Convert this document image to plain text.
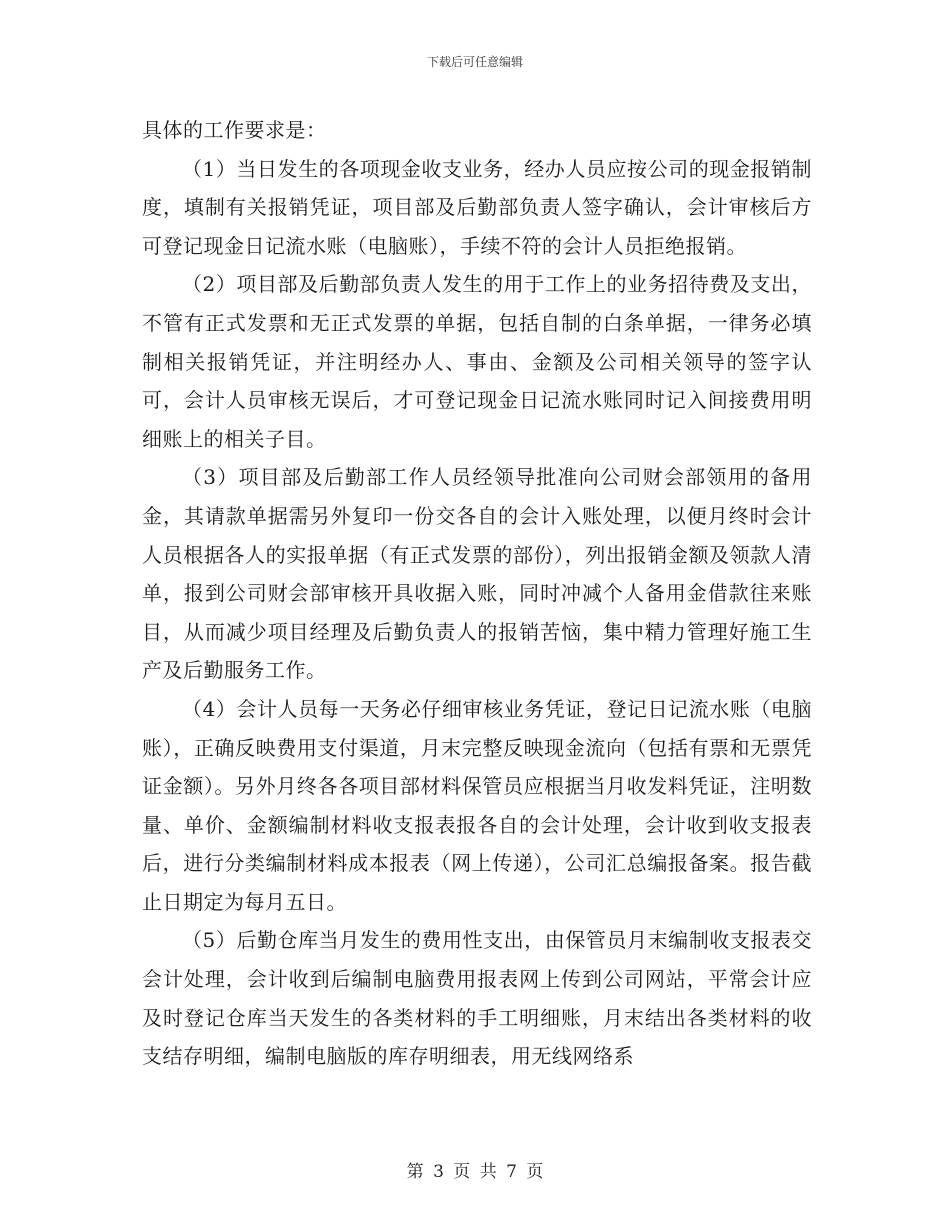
下载后可任意编辑

具体的工作要求是：

（1）当日发生的各项现金收支业务，经办人员应按公司的现金报销制度，填制有关报销凭证，项目部及后勤部负责人签字确认，会计审核后方可登记现金日记流水账（电脑账），手续不符的会计人员拒绝报销。

（2）项目部及后勤部负责人发生的用于工作上的业务招待费及支出，不管有正式发票和无正式发票的单据，包括自制的白条单据，一律务必填制相关报销凭证，并注明经办人、事由、金额及公司相关领导的签字认可，会计人员审核无误后，才可登记现金日记流水账同时记入间接费用明细账上的相关子目。

（3）项目部及后勤部工作人员经领导批准向公司财会部领用的备用金，其请款单据需另外复印一份交各自的会计入账处理，以便月终时会计人员根据各人的实报单据（有正式发票的部份），列出报销金额及领款人清单，报到公司财会部审核开具收据入账，同时冲减个人备用金借款往来账目，从而减少项目经理及后勤负责人的报销苦恼，集中精力管理好施工生产及后勤服务工作。

（4）会计人员每一天务必仔细审核业务凭证，登记日记流水账（电脑账），正确反映费用支付渠道，月末完整反映现金流向（包括有票和无票凭证金额）。另外月终各各项目部材料保管员应根据当月收发料凭证，注明数量、单价、金额编制材料收支报表报各自的会计处理，会计收到收支报表后，进行分类编制材料成本报表（网上传递），公司汇总编报备案。报告截止日期定为每月五日。

（5）后勤仓库当月发生的费用性支出，由保管员月末编制收支报表交会计处理，会计收到后编制电脑费用报表网上传到公司网站，平常会计应及时登记仓库当天发生的各类材料的手工明细账，月末结出各类材料的收支结存明细，编制电脑版的库存明细表，用无线网络系

第 3 页 共 7 页
